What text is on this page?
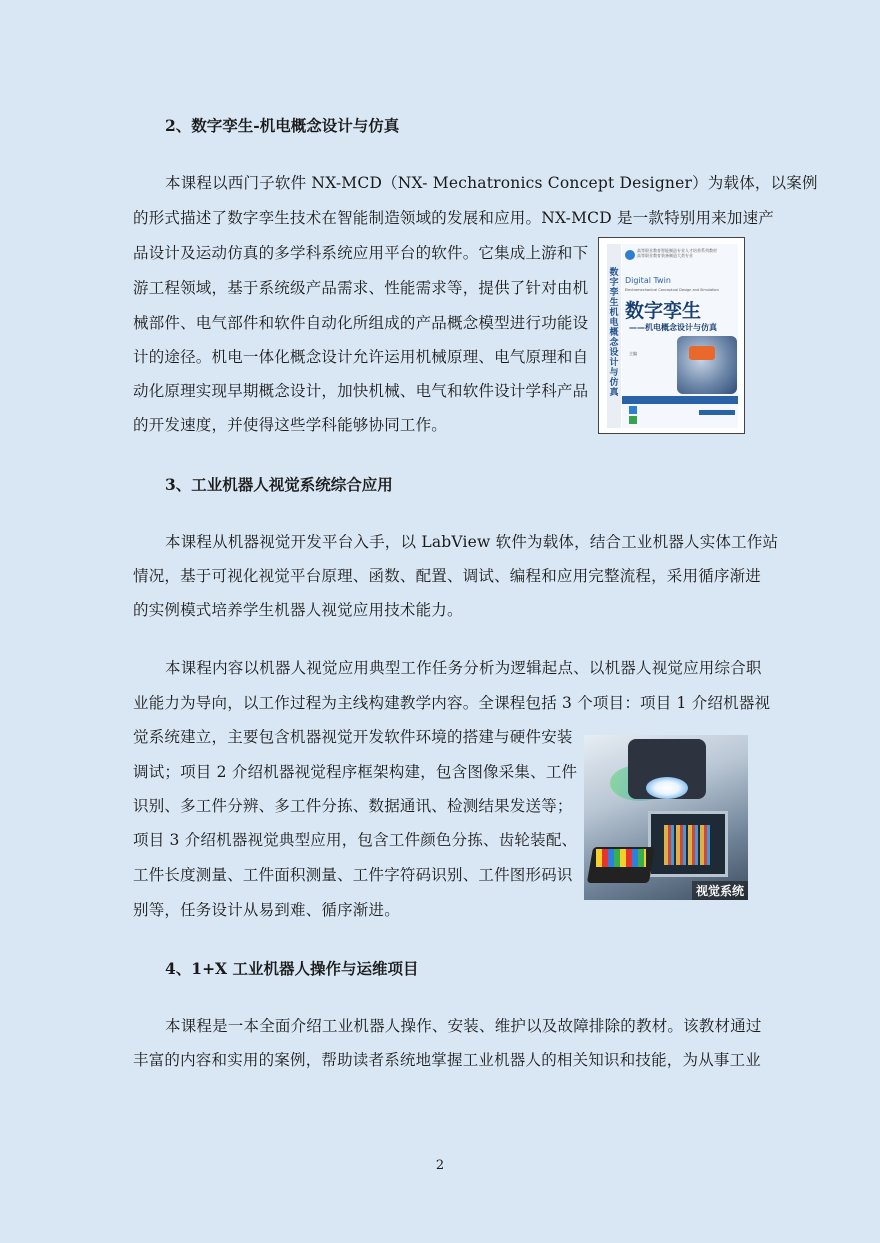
2、数字孪生-机电概念设计与仿真
本课程以西门子软件 NX-MCD（NX- Mechatronics Concept Designer）为载体，以案例
的形式描述了数字孪生技术在智能制造领域的发展和应用。NX-MCD 是一款特别用来加速产
品设计及运动仿真的多学科系统应用平台的软件。它集成上游和下
游工程领域，基于系统级产品需求、性能需求等，提供了针对由机
械部件、电气部件和软件自动化所组成的产品概念模型进行功能设
计的途径。机电一体化概念设计允许运用机械原理、电气原理和自
动化原理实现早期概念设计，加快机械、电气和软件设计学科产品
的开发速度，并使得这些学科能够协同工作。
数字孪生 机电概念设计与仿真
高等职业教育智能制造专业人才培养系列教材
高等职业教育装备制造大类专业
Digital Twin
Electromechanical Conceptual Design and Simulation
数字孪生
——机电概念设计与仿真
主编
3、工业机器人视觉系统综合应用
本课程从机器视觉开发平台入手，以 LabView 软件为载体，结合工业机器人实体工作站
情况，基于可视化视觉平台原理、函数、配置、调试、编程和应用完整流程，采用循序渐进
的实例模式培养学生机器人视觉应用技术能力。
本课程内容以机器人视觉应用典型工作任务分析为逻辑起点、以机器人视觉应用综合职
业能力为导向，以工作过程为主线构建教学内容。全课程包括 3 个项目：项目 1 介绍机器视
觉系统建立，主要包含机器视觉开发软件环境的搭建与硬件安装
调试；项目 2 介绍机器视觉程序框架构建，包含图像采集、工件
识别、多工件分辨、多工件分拣、数据通讯、检测结果发送等；
项目 3 介绍机器视觉典型应用，包含工件颜色分拣、齿轮装配、
工件长度测量、工件面积测量、工件字符码识别、工件图形码识
别等，任务设计从易到难、循序渐进。
视觉系统
4、1+X 工业机器人操作与运维项目
本课程是一本全面介绍工业机器人操作、安装、维护以及故障排除的教材。该教材通过
丰富的内容和实用的案例，帮助读者系统地掌握工业机器人的相关知识和技能，为从事工业
2
